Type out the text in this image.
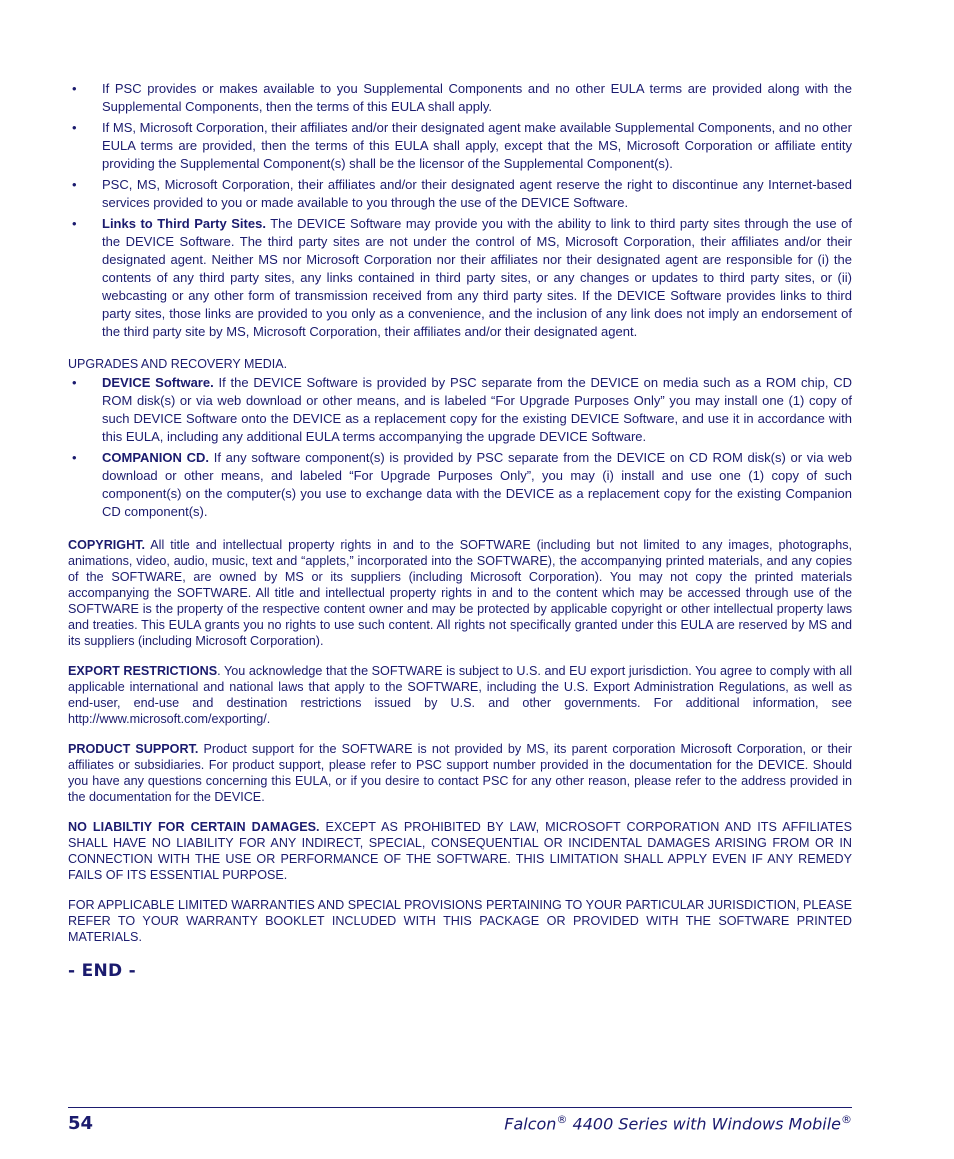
• If PSC provides or makes available to you Supplemental Components and no other EULA terms are provided along with the Supplemental Components, then the terms of this EULA shall apply.
• If MS, Microsoft Corporation, their affiliates and/or their designated agent make available Supplemental Components, and no other EULA terms are provided, then the terms of this EULA shall apply, except that the MS, Microsoft Corporation or affiliate entity providing the Supplemental Component(s) shall be the licensor of the Supplemental Component(s).
• PSC, MS, Microsoft Corporation, their affiliates and/or their designated agent reserve the right to discontinue any Internet-based services provided to you or made available to you through the use of the DEVICE Software.
• Links to Third Party Sites. The DEVICE Software may provide you with the ability to link to third party sites through the use of the DEVICE Software. The third party sites are not under the control of MS, Microsoft Corporation, their affiliates and/or their designated agent. Neither MS nor Microsoft Corporation nor their affiliates nor their designated agent are responsible for (i) the contents of any third party sites, any links contained in third party sites, or any changes or updates to third party sites, or (ii) webcasting or any other form of transmission received from any third party sites. If the DEVICE Software provides links to third party sites, those links are provided to you only as a convenience, and the inclusion of any link does not imply an endorsement of the third party site by MS, Microsoft Corporation, their affiliates and/or their designated agent.
UPGRADES AND RECOVERY MEDIA.
• DEVICE Software. If the DEVICE Software is provided by PSC separate from the DEVICE on media such as a ROM chip, CD ROM disk(s) or via web download or other means, and is labeled “For Upgrade Purposes Only” you may install one (1) copy of such DEVICE Software onto the DEVICE as a replacement copy for the existing DEVICE Software, and use it in accordance with this EULA, including any additional EULA terms accompanying the upgrade DEVICE Software.
• COMPANION CD. If any software component(s) is provided by PSC separate from the DEVICE on CD ROM disk(s) or via web download or other means, and labeled “For Upgrade Purposes Only”, you may (i) install and use one (1) copy of such component(s) on the computer(s) you use to exchange data with the DEVICE as a replacement copy for the existing Companion CD component(s).

COPYRIGHT. All title and intellectual property rights in and to the SOFTWARE (including but not limited to any images, photographs, animations, video, audio, music, text and “applets,” incorporated into the SOFTWARE), the accompanying printed materials, and any copies of the SOFTWARE, are owned by MS or its suppliers (including Microsoft Corporation). You may not copy the printed materials accompanying the SOFTWARE. All title and intellectual property rights in and to the content which may be accessed through use of the SOFTWARE is the property of the respective content owner and may be protected by applicable copyright or other intellectual property laws and treaties. This EULA grants you no rights to use such content. All rights not specifically granted under this EULA are reserved by MS and its suppliers (including Microsoft Corporation).

EXPORT RESTRICTIONS. You acknowledge that the SOFTWARE is subject to U.S. and EU export jurisdiction. You agree to comply with all applicable international and national laws that apply to the SOFTWARE, including the U.S. Export Administration Regulations, as well as end-user, end-use and destination restrictions issued by U.S. and other governments. For additional information, see http://www.microsoft.com/exporting/.

PRODUCT SUPPORT. Product support for the SOFTWARE is not provided by MS, its parent corporation Microsoft Corporation, or their affiliates or subsidiaries. For product support, please refer to PSC support number provided in the documentation for the DEVICE. Should you have any questions concerning this EULA, or if you desire to contact PSC for any other reason, please refer to the address provided in the documentation for the DEVICE.

NO LIABILTIY FOR CERTAIN DAMAGES. EXCEPT AS PROHIBITED BY LAW, MICROSOFT CORPORATION AND ITS AFFILIATES SHALL HAVE NO LIABILITY FOR ANY INDIRECT, SPECIAL, CONSEQUENTIAL OR INCIDENTAL DAMAGES ARISING FROM OR IN CONNECTION WITH THE USE OR PERFORMANCE OF THE SOFTWARE. THIS LIMITATION SHALL APPLY EVEN IF ANY REMEDY FAILS OF ITS ESSENTIAL PURPOSE.

FOR APPLICABLE LIMITED WARRANTIES AND SPECIAL PROVISIONS PERTAINING TO YOUR PARTICULAR JURISDICTION, PLEASE REFER TO YOUR WARRANTY BOOKLET INCLUDED WITH THIS PACKAGE OR PROVIDED WITH THE SOFTWARE PRINTED MATERIALS.

- END -
54	Falcon® 4400 Series with Windows Mobile®
